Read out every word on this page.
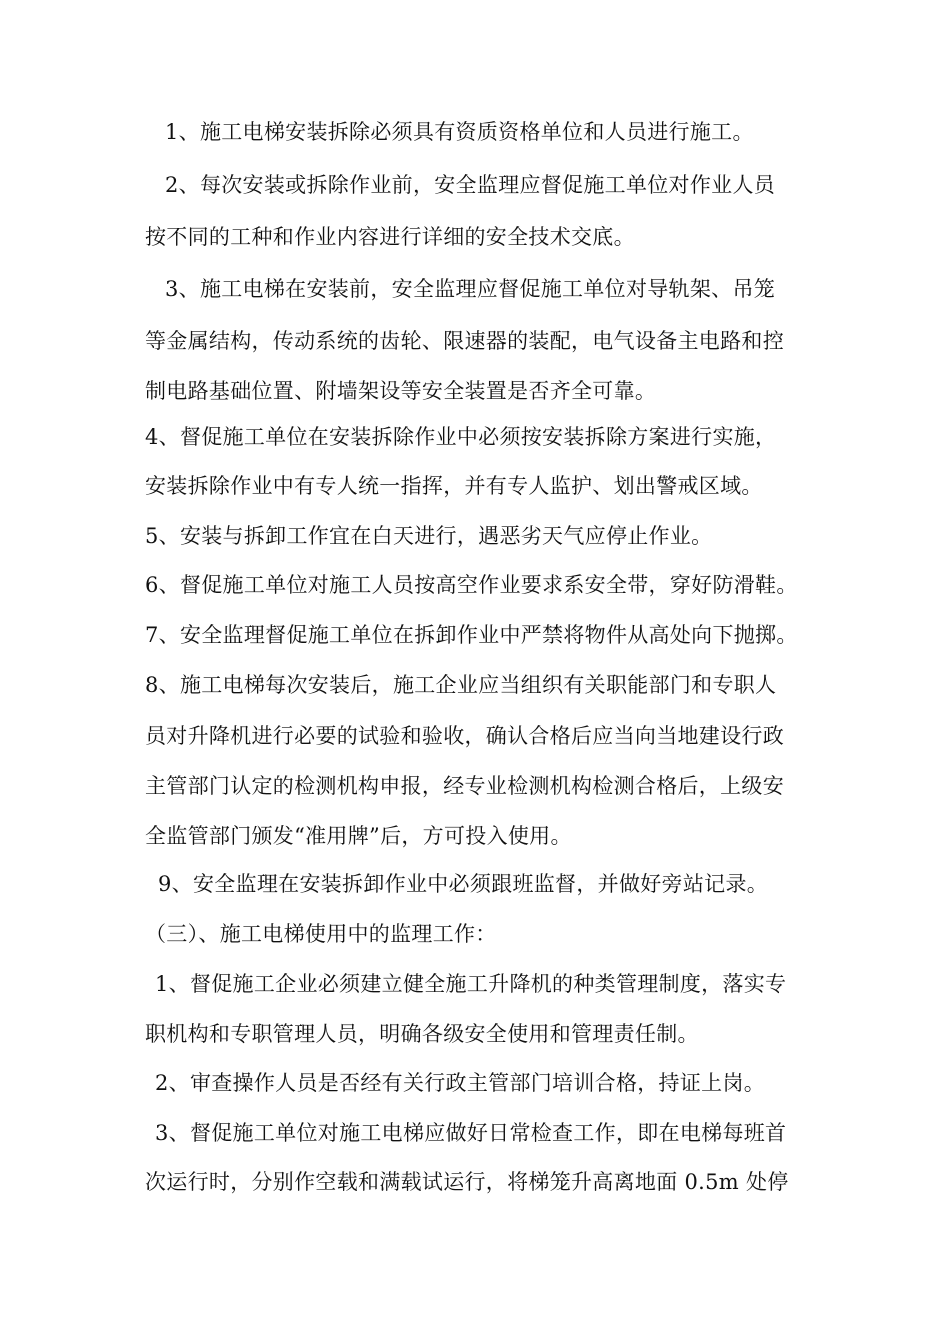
1、施工电梯安装拆除必须具有资质资格单位和人员进行施工。
2、每次安装或拆除作业前，安全监理应督促施工单位对作业人员
按不同的工种和作业内容进行详细的安全技术交底。
3、施工电梯在安装前，安全监理应督促施工单位对导轨架、吊笼
等金属结构，传动系统的齿轮、限速器的装配，电气设备主电路和控
制电路基础位置、附墙架设等安全装置是否齐全可靠。
4、督促施工单位在安装拆除作业中必须按安装拆除方案进行实施，
安装拆除作业中有专人统一指挥，并有专人监护、划出警戒区域。
5、安装与拆卸工作宜在白天进行，遇恶劣天气应停止作业。
6、督促施工单位对施工人员按高空作业要求系安全带，穿好防滑鞋。
7、安全监理督促施工单位在拆卸作业中严禁将物件从高处向下抛掷。
8、施工电梯每次安装后，施工企业应当组织有关职能部门和专职人
员对升降机进行必要的试验和验收，确认合格后应当向当地建设行政
主管部门认定的检测机构申报，经专业检测机构检测合格后，上级安
全监管部门颁发“准用牌”后，方可投入使用。
9、安全监理在安装拆卸作业中必须跟班监督，并做好旁站记录。
（三）、施工电梯使用中的监理工作：
1、督促施工企业必须建立健全施工升降机的种类管理制度，落实专
职机构和专职管理人员，明确各级安全使用和管理责任制。
2、审查操作人员是否经有关行政主管部门培训合格，持证上岗。
3、督促施工单位对施工电梯应做好日常检查工作，即在电梯每班首
次运行时，分别作空载和满载试运行，将梯笼升高离地面 0.5m 处停
